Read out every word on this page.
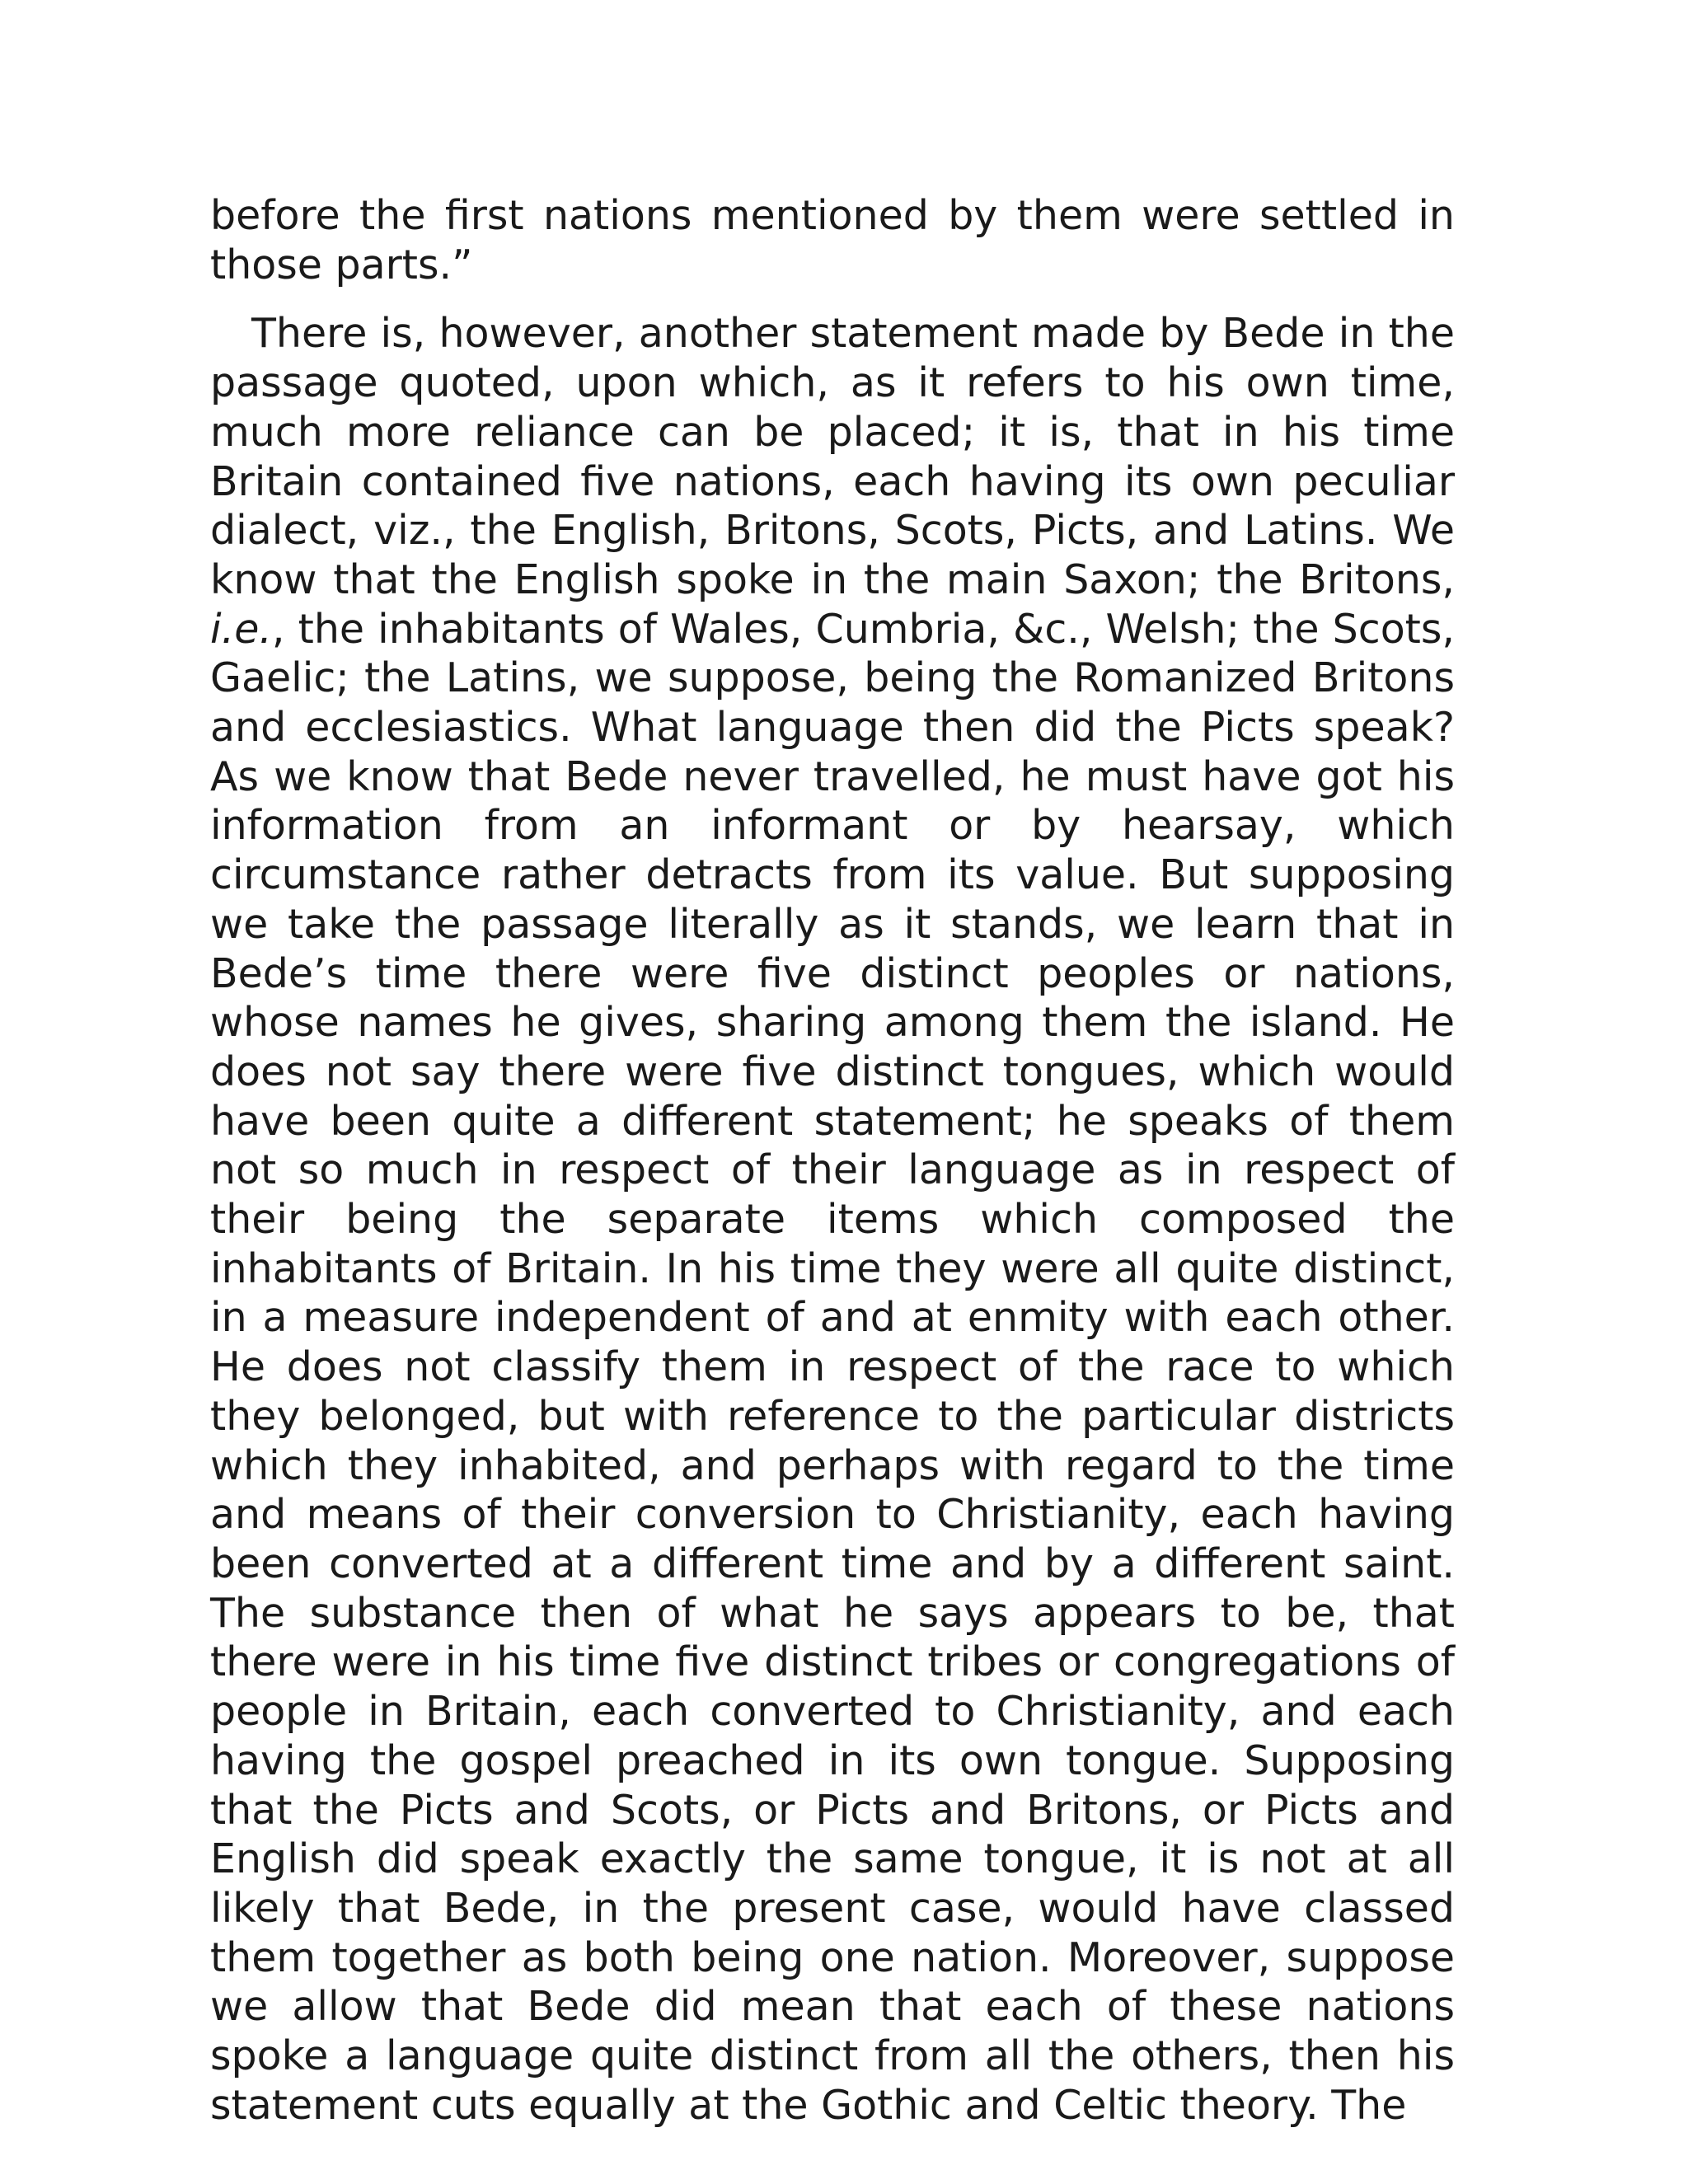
before the first nations mentioned by them were settled in those parts.”

There is, however, another statement made by Bede in the passage quoted, upon which, as it refers to his own time, much more reliance can be placed; it is, that in his time Britain contained five nations, each having its own peculiar dialect, viz., the English, Britons, Scots, Picts, and Latins. We know that the English spoke in the main Saxon; the Britons, i.e., the inhabitants of Wales, Cumbria, &c., Welsh; the Scots, Gaelic; the Latins, we suppose, being the Romanized Britons and ecclesiastics. What language then did the Picts speak? As we know that Bede never travelled, he must have got his information from an informant or by hearsay, which circumstance rather detracts from its value. But supposing we take the passage literally as it stands, we learn that in Bede’s time there were five distinct peoples or nations, whose names he gives, sharing among them the island. He does not say there were five distinct tongues, which would have been quite a different statement; he speaks of them not so much in respect of their language as in respect of their being the separate items which composed the inhabitants of Britain. In his time they were all quite distinct, in a measure independent of and at enmity with each other. He does not classify them in respect of the race to which they belonged, but with reference to the particular districts which they inhabited, and perhaps with regard to the time and means of their conversion to Christianity, each having been converted at a different time and by a different saint. The substance then of what he says appears to be, that there were in his time five distinct tribes or congregations of people in Britain, each converted to Christianity, and each having the gospel preached in its own tongue. Supposing that the Picts and Scots, or Picts and Britons, or Picts and English did speak exactly the same tongue, it is not at all likely that Bede, in the present case, would have classed them together as both being one nation. Moreover, suppose we allow that Bede did mean that each of these nations spoke a language quite distinct from all the others, then his statement cuts equally at the Gothic and Celtic theory. The
